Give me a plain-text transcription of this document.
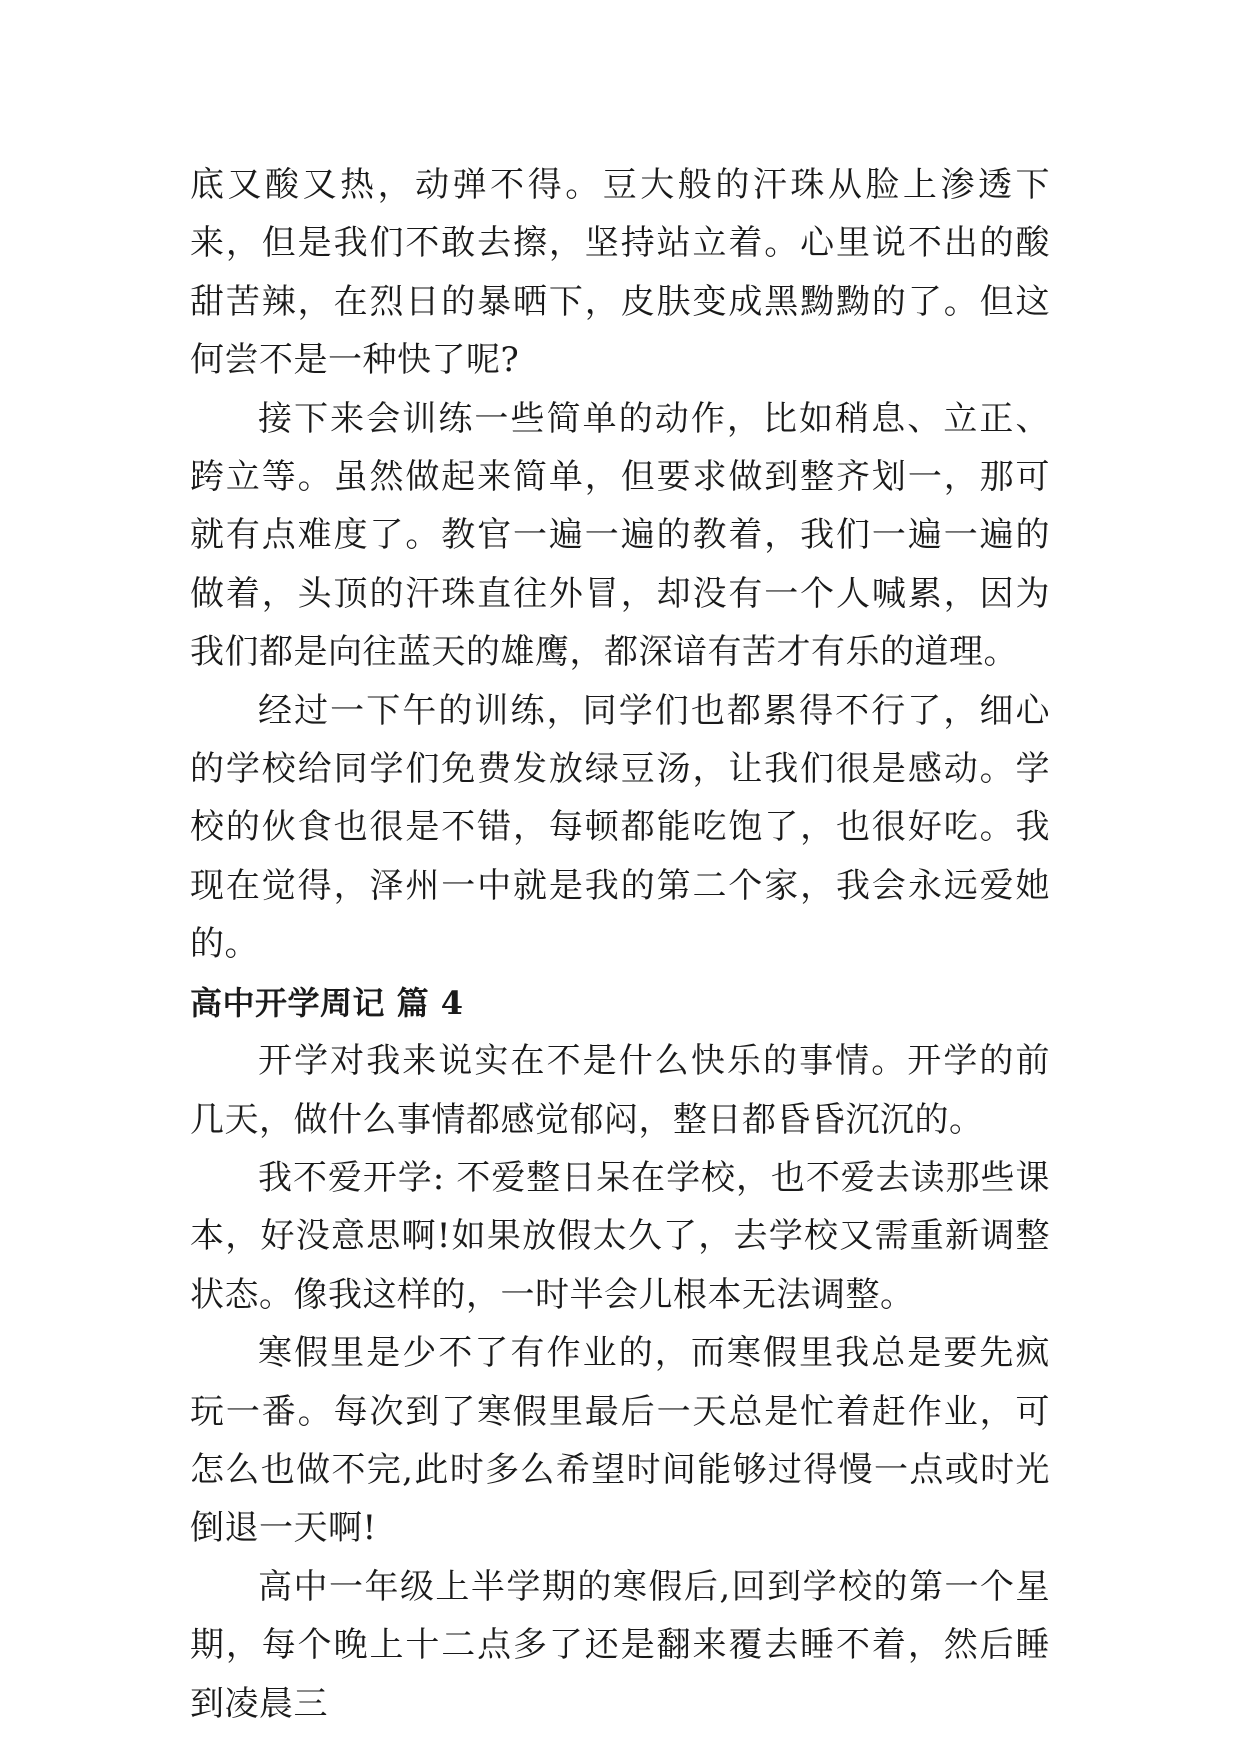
底又酸又热，动弹不得。豆大般的汗珠从脸上渗透下来，但是我们不敢去擦，坚持站立着。心里说不出的酸甜苦辣，在烈日的暴晒下，皮肤变成黑黝黝的了。但这何尝不是一种快了呢?

接下来会训练一些简单的动作，比如稍息、立正、跨立等。虽然做起来简单，但要求做到整齐划一，那可就有点难度了。教官一遍一遍的教着，我们一遍一遍的做着，头顶的汗珠直往外冒，却没有一个人喊累，因为我们都是向往蓝天的雄鹰，都深谙有苦才有乐的道理。

经过一下午的训练，同学们也都累得不行了，细心的学校给同学们免费发放绿豆汤，让我们很是感动。学校的伙食也很是不错，每顿都能吃饱了，也很好吃。我现在觉得，泽州一中就是我的第二个家，我会永远爱她的。

高中开学周记 篇 4

开学对我来说实在不是什么快乐的事情。开学的前几天，做什么事情都感觉郁闷，整日都昏昏沉沉的。

我不爱开学: 不爱整日呆在学校，也不爱去读那些课本，好没意思啊!如果放假太久了，去学校又需重新调整状态。像我这样的，一时半会儿根本无法调整。

寒假里是少不了有作业的，而寒假里我总是要先疯玩一番。每次到了寒假里最后一天总是忙着赶作业，可怎么也做不完,此时多么希望时间能够过得慢一点或时光倒退一天啊!

高中一年级上半学期的寒假后,回到学校的第一个星期，每个晚上十二点多了还是翻来覆去睡不着，然后睡到凌晨三
